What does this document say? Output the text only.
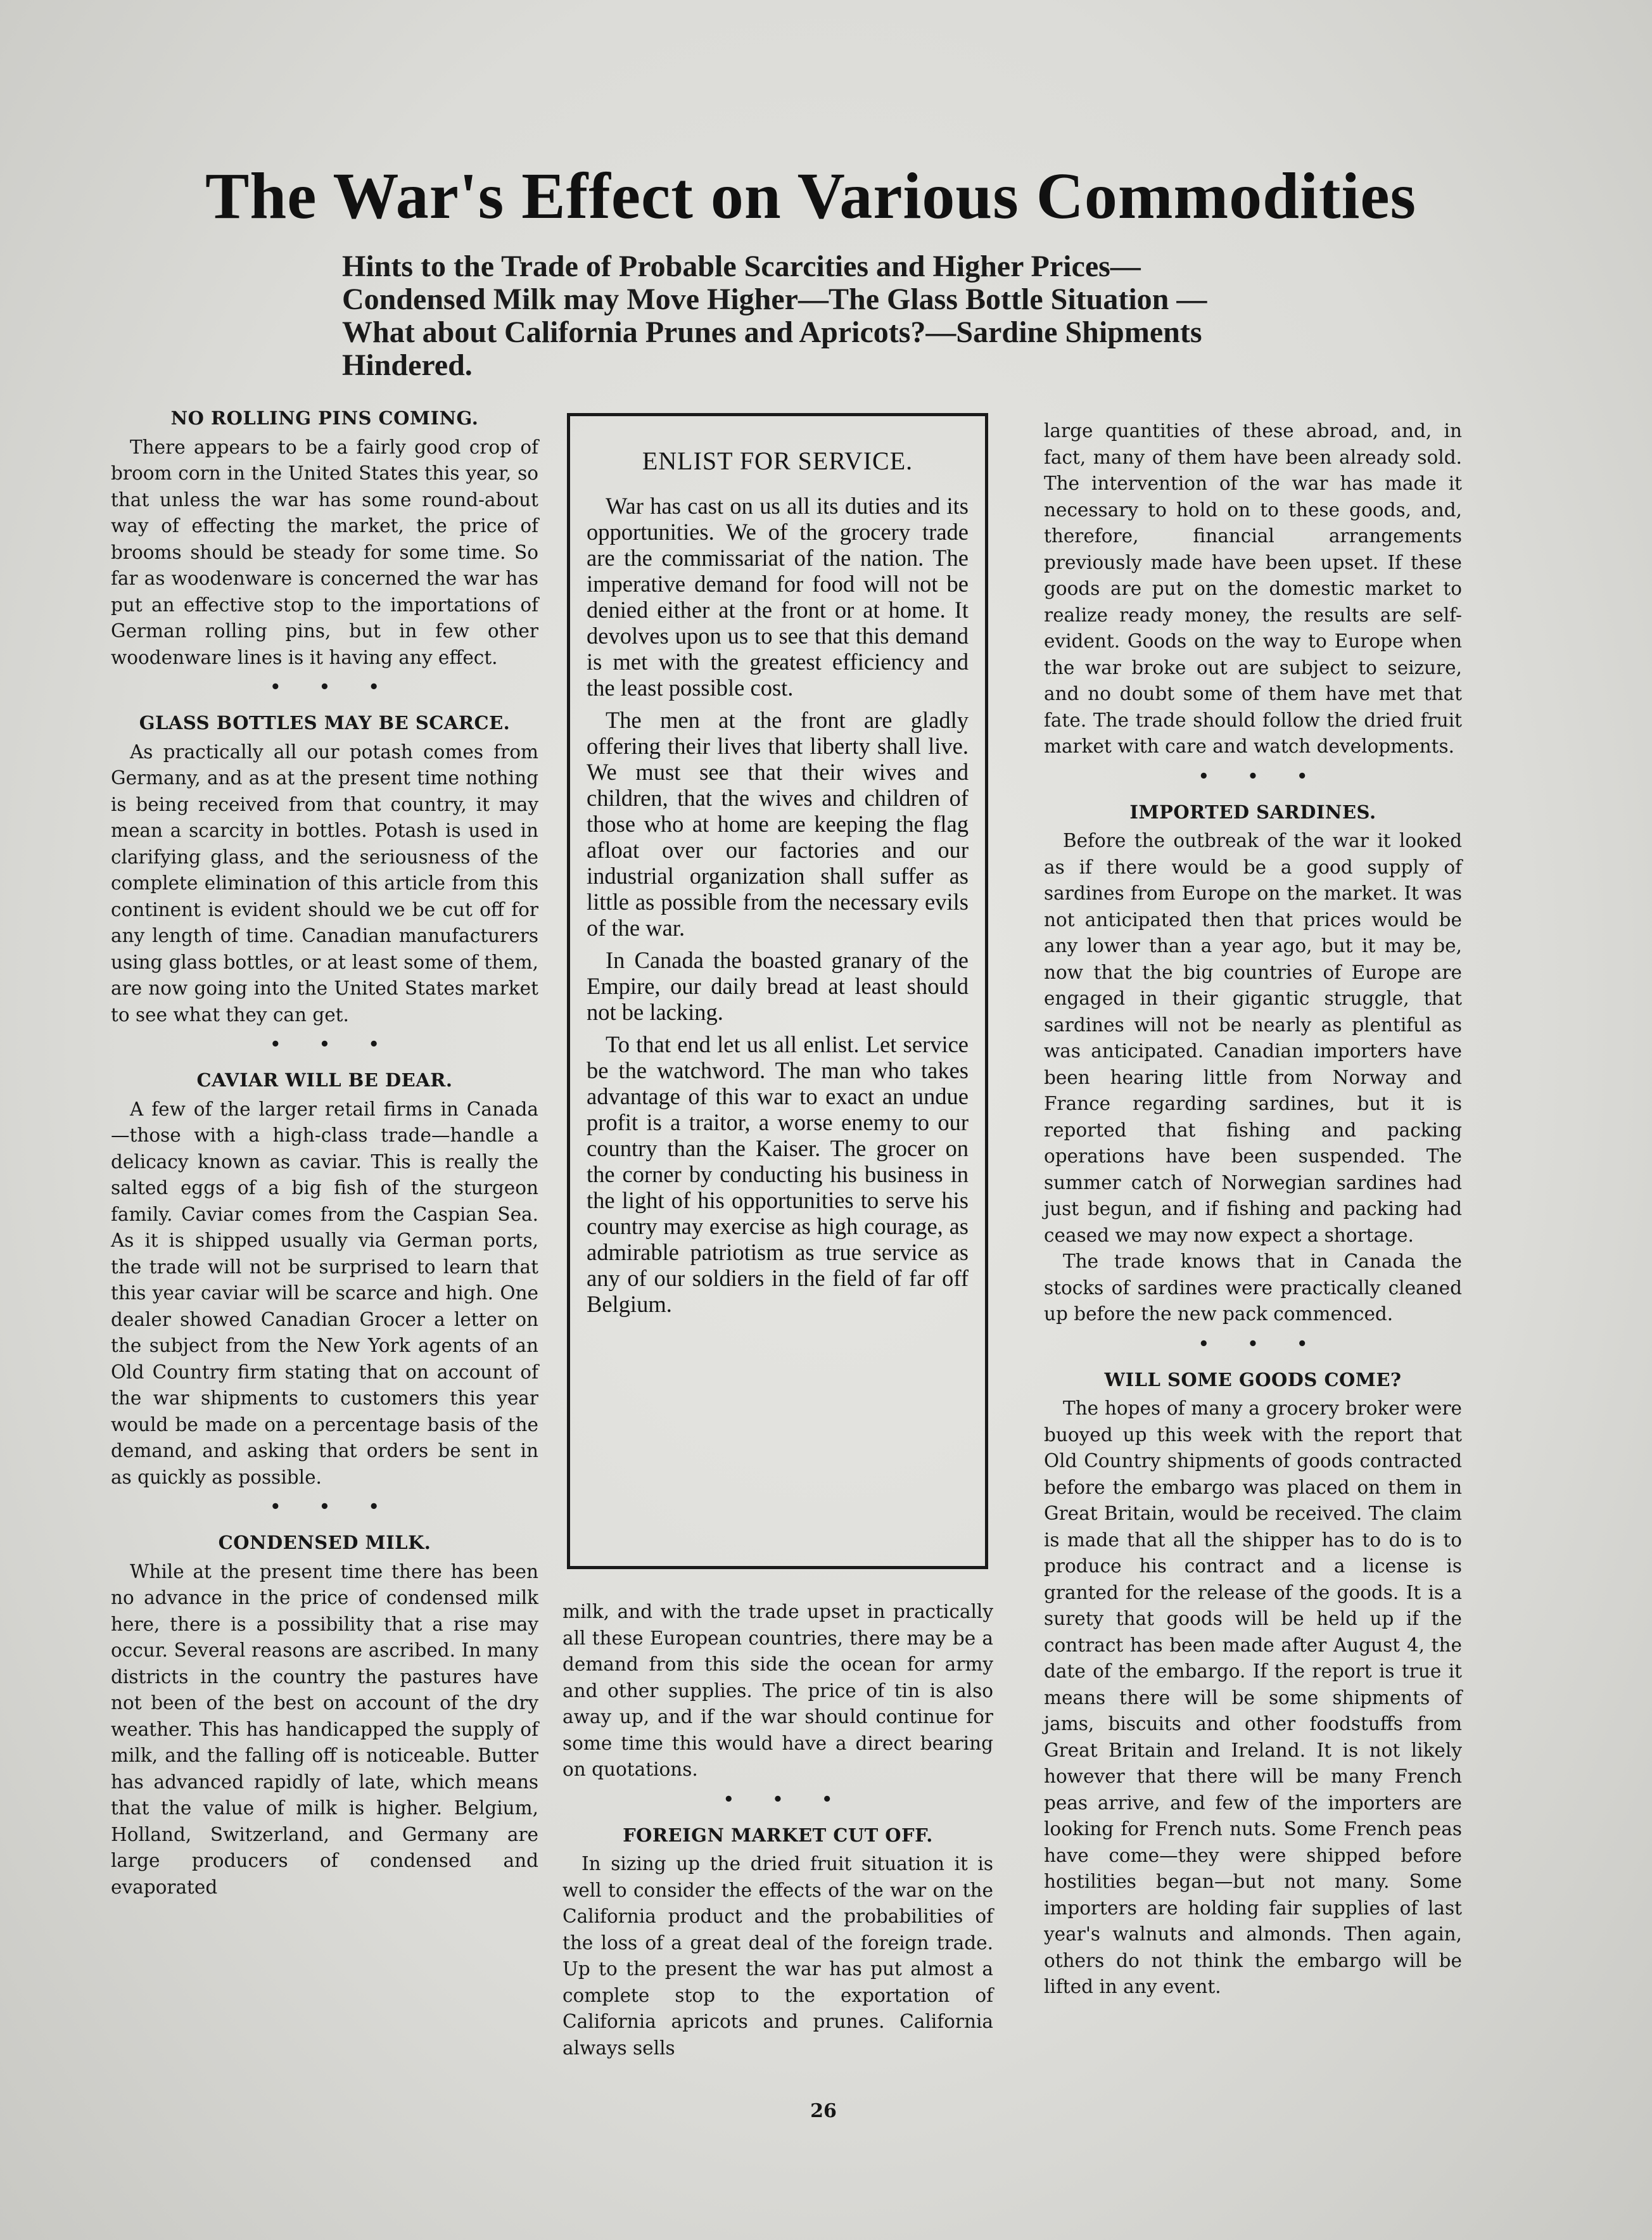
The War's Effect on Various Commodities
Hints to the Trade of Probable Scarcities and Higher Prices—Condensed Milk may Move Higher—The Glass Bottle Situation —What about California Prunes and Apricots?—Sardine Shipments Hindered.
NO ROLLING PINS COMING.

There appears to be a fairly good crop of broom corn in the United States this year, so that unless the war has some round-about way of effecting the market, the price of brooms should be steady for some time. So far as woodenware is concerned the war has put an effective stop to the importations of German rolling pins, but in few other woodenware lines is it having any effect.

• • •
GLASS BOTTLES MAY BE SCARCE.

As practically all our potash comes from Germany, and as at the present time nothing is being received from that country, it may mean a scarcity in bottles. Potash is used in clarifying glass, and the seriousness of the complete elimination of this article from this continent is evident should we be cut off for any length of time. Canadian manufacturers using glass bottles, or at least some of them, are now going into the United States market to see what they can get.

• • •
CAVIAR WILL BE DEAR.

A few of the larger retail firms in Canada—those with a high-class trade—handle a delicacy known as caviar. This is really the salted eggs of a big fish of the sturgeon family. Caviar comes from the Caspian Sea. As it is shipped usually via German ports, the trade will not be surprised to learn that this year caviar will be scarce and high. One dealer showed Canadian Grocer a letter on the subject from the New York agents of an Old Country firm stating that on account of the war shipments to customers this year would be made on a percentage basis of the demand, and asking that orders be sent in as quickly as possible.

• • •
CONDENSED MILK.

While at the present time there has been no advance in the price of condensed milk here, there is a possibility that a rise may occur. Several reasons are ascribed. In many districts in the country the pastures have not been of the best on account of the dry weather. This has handicapped the supply of milk, and the falling off is noticeable. Butter has advanced rapidly of late, which means that the value of milk is higher. Belgium, Holland, Switzerland, and Germany are large producers of condensed and evaporated

ENLIST FOR SERVICE.

War has cast on us all its duties and its opportunities. We of the grocery trade are the commissariat of the nation. The imperative demand for food will not be denied either at the front or at home. It devolves upon us to see that this demand is met with the greatest efficiency and the least possible cost.

The men at the front are gladly offering their lives that liberty shall live. We must see that their wives and children, that the wives and children of those who at home are keeping the flag afloat over our factories and our industrial organization shall suffer as little as possible from the necessary evils of the war.

In Canada the boasted granary of the Empire, our daily bread at least should not be lacking.

To that end let us all enlist. Let service be the watchword. The man who takes advantage of this war to exact an undue profit is a traitor, a worse enemy to our country than the Kaiser. The grocer on the corner by conducting his business in the light of his opportunities to serve his country may exercise as high courage, as admirable patriotism as true service as any of our soldiers in the field of far off Belgium.

milk, and with the trade upset in practically all these European countries, there may be a demand from this side the ocean for army and other supplies. The price of tin is also away up, and if the war should continue for some time this would have a direct bearing on quotations.

• • •
FOREIGN MARKET CUT OFF.

In sizing up the dried fruit situation it is well to consider the effects of the war on the California product and the probabilities of the loss of a great deal of the foreign trade. Up to the present the war has put almost a complete stop to the exportation of California apricots and prunes. California always sells

large quantities of these abroad, and, in fact, many of them have been already sold. The intervention of the war has made it necessary to hold on to these goods, and, therefore, financial arrangements previously made have been upset. If these goods are put on the domestic market to realize ready money, the results are self-evident. Goods on the way to Europe when the war broke out are subject to seizure, and no doubt some of them have met that fate. The trade should follow the dried fruit market with care and watch developments.

• • •
IMPORTED SARDINES.

Before the outbreak of the war it looked as if there would be a good supply of sardines from Europe on the market. It was not anticipated then that prices would be any lower than a year ago, but it may be, now that the big countries of Europe are engaged in their gigantic struggle, that sardines will not be nearly as plentiful as was anticipated. Canadian importers have been hearing little from Norway and France regarding sardines, but it is reported that fishing and packing operations have been suspended. The summer catch of Norwegian sardines had just begun, and if fishing and packing had ceased we may now expect a shortage.

The trade knows that in Canada the stocks of sardines were practically cleaned up before the new pack commenced.

• • •
WILL SOME GOODS COME?

The hopes of many a grocery broker were buoyed up this week with the report that Old Country shipments of goods contracted before the embargo was placed on them in Great Britain, would be received. The claim is made that all the shipper has to do is to produce his contract and a license is granted for the release of the goods. It is a surety that goods will be held up if the contract has been made after August 4, the date of the embargo. If the report is true it means there will be some shipments of jams, biscuits and other foodstuffs from Great Britain and Ireland. It is not likely however that there will be many French peas arrive, and few of the importers are looking for French nuts. Some French peas have come—they were shipped before hostilities began—but not many. Some importers are holding fair supplies of last year's walnuts and almonds. Then again, others do not think the embargo will be lifted in any event.

26
